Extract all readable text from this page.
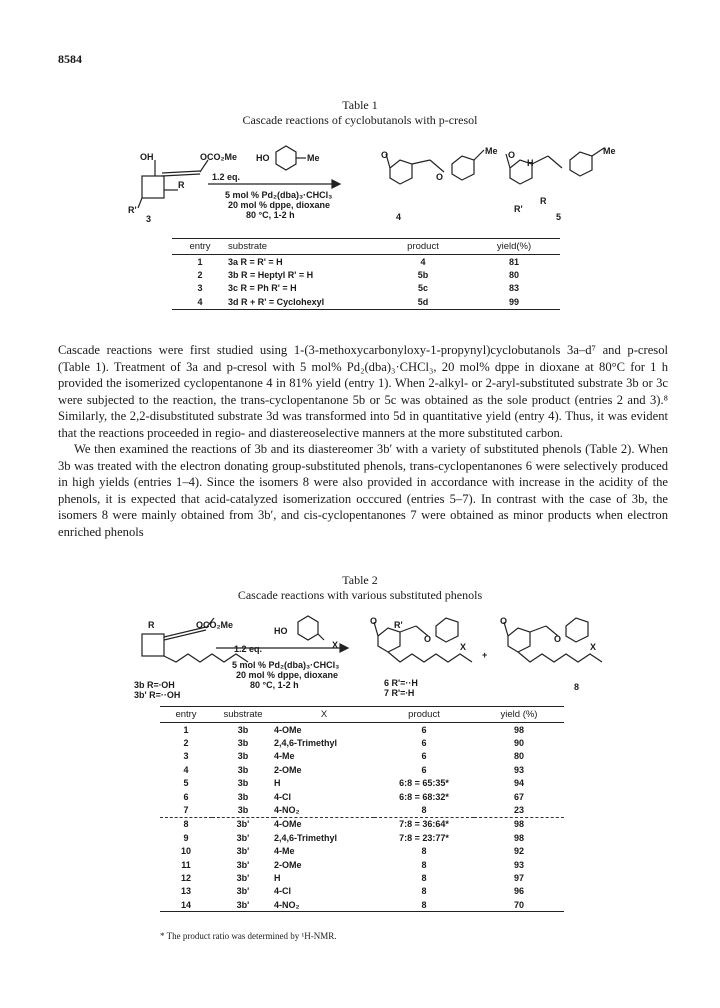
8584
Table 1
Cascade reactions of cyclobutanols with p-cresol
OH	OCO₂Me
R
R'
3
HO	Me
1.2 eq.
5 mol % Pd₂(dba)₃·CHCl₃
20 mol % dppe, dioxane
80 °C, 1-2 h
O	Me
O
4
O
H
Me
R
R'
5
entry	substrate	product	yield(%)
1	3a R = R' = H	4	81
2	3b R = Heptyl R' = H	5b	80
3	3c R = Ph R' = H	5c	83
4	3d R + R' = Cyclohexyl	5d	99

Cascade reactions were first studied using 1-(3-methoxycarbonyloxy-1-propynyl)cyclobutanols 3a–d⁷ and p-cresol (Table 1). Treatment of 3a and p-cresol with 5 mol% Pd₂(dba)₃·CHCl₃, 20 mol% dppe in dioxane at 80°C for 1 h provided the isomerized cyclopentanone 4 in 81% yield (entry 1). When 2-alkyl- or 2-aryl-substituted substrate 3b or 3c were subjected to the reaction, the trans-cyclopentanone 5b or 5c was obtained as the sole product (entries 2 and 3).⁸ Similarly, the 2,2-disubstituted substrate 3d was transformed into 5d in quantitative yield (entry 4). Thus, it was evident that the reactions proceeded in regio- and diastereoselective manners at the more substituted carbon.

We then examined the reactions of 3b and its diastereomer 3b′ with a variety of substituted phenols (Table 2). When 3b was treated with the electron donating group-substituted phenols, trans-cyclopentanones 6 were selectively produced in high yields (entries 1–4). Since the isomers 8 were also provided in accordance with increase in the acidity of the phenols, it is expected that acid-catalyzed isomerization occcured (entries 5–7). In contrast with the case of 3b, the isomers 8 were mainly obtained from 3b′, and cis-cyclopentanones 7 were obtained as minor products when electron enriched phenols

Table 2
Cascade reactions with various substituted phenols
R	OCO₂Me
3b R=∙OH
3b' R=··OH
HO
X
1.2 eq.
5 mol % Pd₂(dba)₃·CHCl₃
20 mol % dppe, dioxane
80 °C, 1-2 h
O R'
O
X
6 R'=··H
7 R'=∙H
+
O
O
X
8
entry	substrate	X	product	yield (%)
1	3b	4-OMe	6	98
2	3b	2,4,6-Trimethyl	6	90
3	3b	4-Me	6	80
4	3b	2-OMe	6	93
5	3b	H	6:8 = 65:35*	94
6	3b	4-Cl	6:8 = 68:32*	67
7	3b	4-NO₂	8	23
8	3b'	4-OMe	7:8 = 36:64*	98
9	3b'	2,4,6-Trimethyl	7:8 = 23:77*	98
10	3b'	4-Me	8	92
11	3b'	2-OMe	8	93
12	3b'	H	8	97
13	3b'	4-Cl	8	96
14	3b'	4-NO₂	8	70
* The product ratio was determined by ¹H-NMR.
